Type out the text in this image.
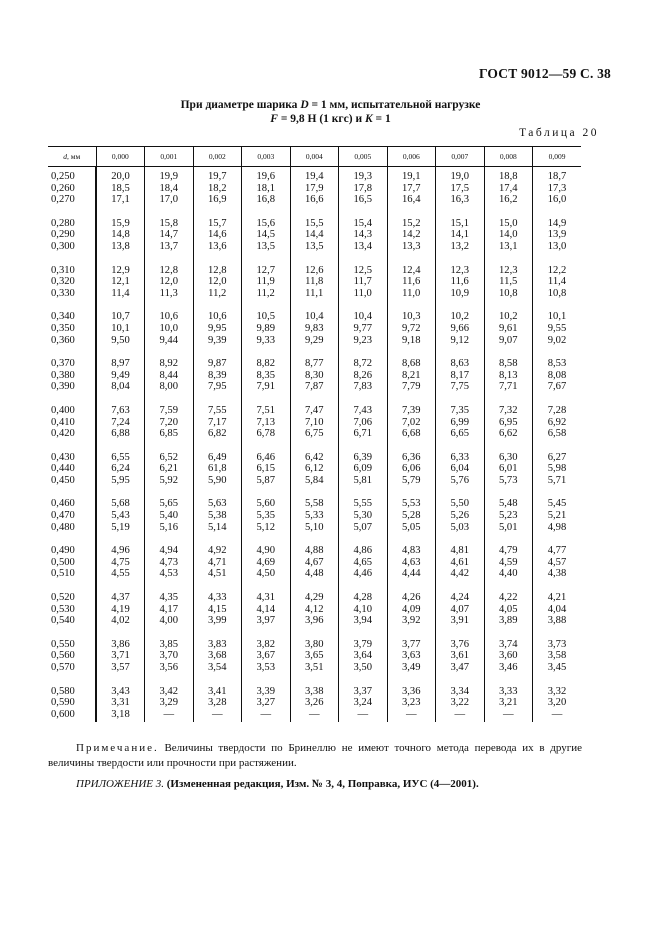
ГОСТ 9012—59 С. 38
При диаметре шарика D = 1 мм, испытательной нагрузке
F = 9,8 Н (1 кгс) и K = 1
Таблица 20
d, мм	0,000	0,001	0,002	0,003	0,004	0,005	0,006	0,007	0,008	0,009
0,250	20,0	19,9	19,7	19,6	19,4	19,3	19,1	19,0	18,8	18,7
0,260	18,5	18,4	18,2	18,1	17,9	17,8	17,7	17,5	17,4	17,3
0,270	17,1	17,0	16,9	16,8	16,6	16,5	16,4	16,3	16,2	16,0

0,280	15,9	15,8	15,7	15,6	15,5	15,4	15,2	15,1	15,0	14,9
0,290	14,8	14,7	14,6	14,5	14,4	14,3	14,2	14,1	14,0	13,9
0,300	13,8	13,7	13,6	13,5	13,5	13,4	13,3	13,2	13,1	13,0

0,310	12,9	12,8	12,8	12,7	12,6	12,5	12,4	12,3	12,3	12,2
0,320	12,1	12,0	12,0	11,9	11,8	11,7	11,6	11,6	11,5	11,4
0,330	11,4	11,3	11,2	11,2	11,1	11,0	11,0	10,9	10,8	10,8

0,340	10,7	10,6	10,6	10,5	10,4	10,4	10,3	10,2	10,2	10,1
0,350	10,1	10,0	9,95	9,89	9,83	9,77	9,72	9,66	9,61	9,55
0,360	9,50	9,44	9,39	9,33	9,29	9,23	9,18	9,12	9,07	9,02

0,370	8,97	8,92	9,87	8,82	8,77	8,72	8,68	8,63	8,58	8,53
0,380	9,49	8,44	8,39	8,35	8,30	8,26	8,21	8,17	8,13	8,08
0,390	8,04	8,00	7,95	7,91	7,87	7,83	7,79	7,75	7,71	7,67

0,400	7,63	7,59	7,55	7,51	7,47	7,43	7,39	7,35	7,32	7,28
0,410	7,24	7,20	7,17	7,13	7,10	7,06	7,02	6,99	6,95	6,92
0,420	6,88	6,85	6,82	6,78	6,75	6,71	6,68	6,65	6,62	6,58

0,430	6,55	6,52	6,49	6,46	6,42	6,39	6,36	6,33	6,30	6,27
0,440	6,24	6,21	61,8	6,15	6,12	6,09	6,06	6,04	6,01	5,98
0,450	5,95	5,92	5,90	5,87	5,84	5,81	5,79	5,76	5,73	5,71

0,460	5,68	5,65	5,63	5,60	5,58	5,55	5,53	5,50	5,48	5,45
0,470	5,43	5,40	5,38	5,35	5,33	5,30	5,28	5,26	5,23	5,21
0,480	5,19	5,16	5,14	5,12	5,10	5,07	5,05	5,03	5,01	4,98

0,490	4,96	4,94	4,92	4,90	4,88	4,86	4,83	4,81	4,79	4,77
0,500	4,75	4,73	4,71	4,69	4,67	4,65	4,63	4,61	4,59	4,57
0,510	4,55	4,53	4,51	4,50	4,48	4,46	4,44	4,42	4,40	4,38

0,520	4,37	4,35	4,33	4,31	4,29	4,28	4,26	4,24	4,22	4,21
0,530	4,19	4,17	4,15	4,14	4,12	4,10	4,09	4,07	4,05	4,04
0,540	4,02	4,00	3,99	3,97	3,96	3,94	3,92	3,91	3,89	3,88

0,550	3,86	3,85	3,83	3,82	3,80	3,79	3,77	3,76	3,74	3,73
0,560	3,71	3,70	3,68	3,67	3,65	3,64	3,63	3,61	3,60	3,58
0,570	3,57	3,56	3,54	3,53	3,51	3,50	3,49	3,47	3,46	3,45

0,580	3,43	3,42	3,41	3,39	3,38	3,37	3,36	3,34	3,33	3,32
0,590	3,31	3,29	3,28	3,27	3,26	3,24	3,23	3,22	3,21	3,20
0,600	3,18	—	—	—	—	—	—	—	—	—
Примечание. Величины твердости по Бринеллю не имеют точного метода перевода их в другие величины твердости или прочности при растяжении.
ПРИЛОЖЕНИЕ 3. (Измененная редакция, Изм. № 3, 4, Поправка, ИУС (4—2001).
